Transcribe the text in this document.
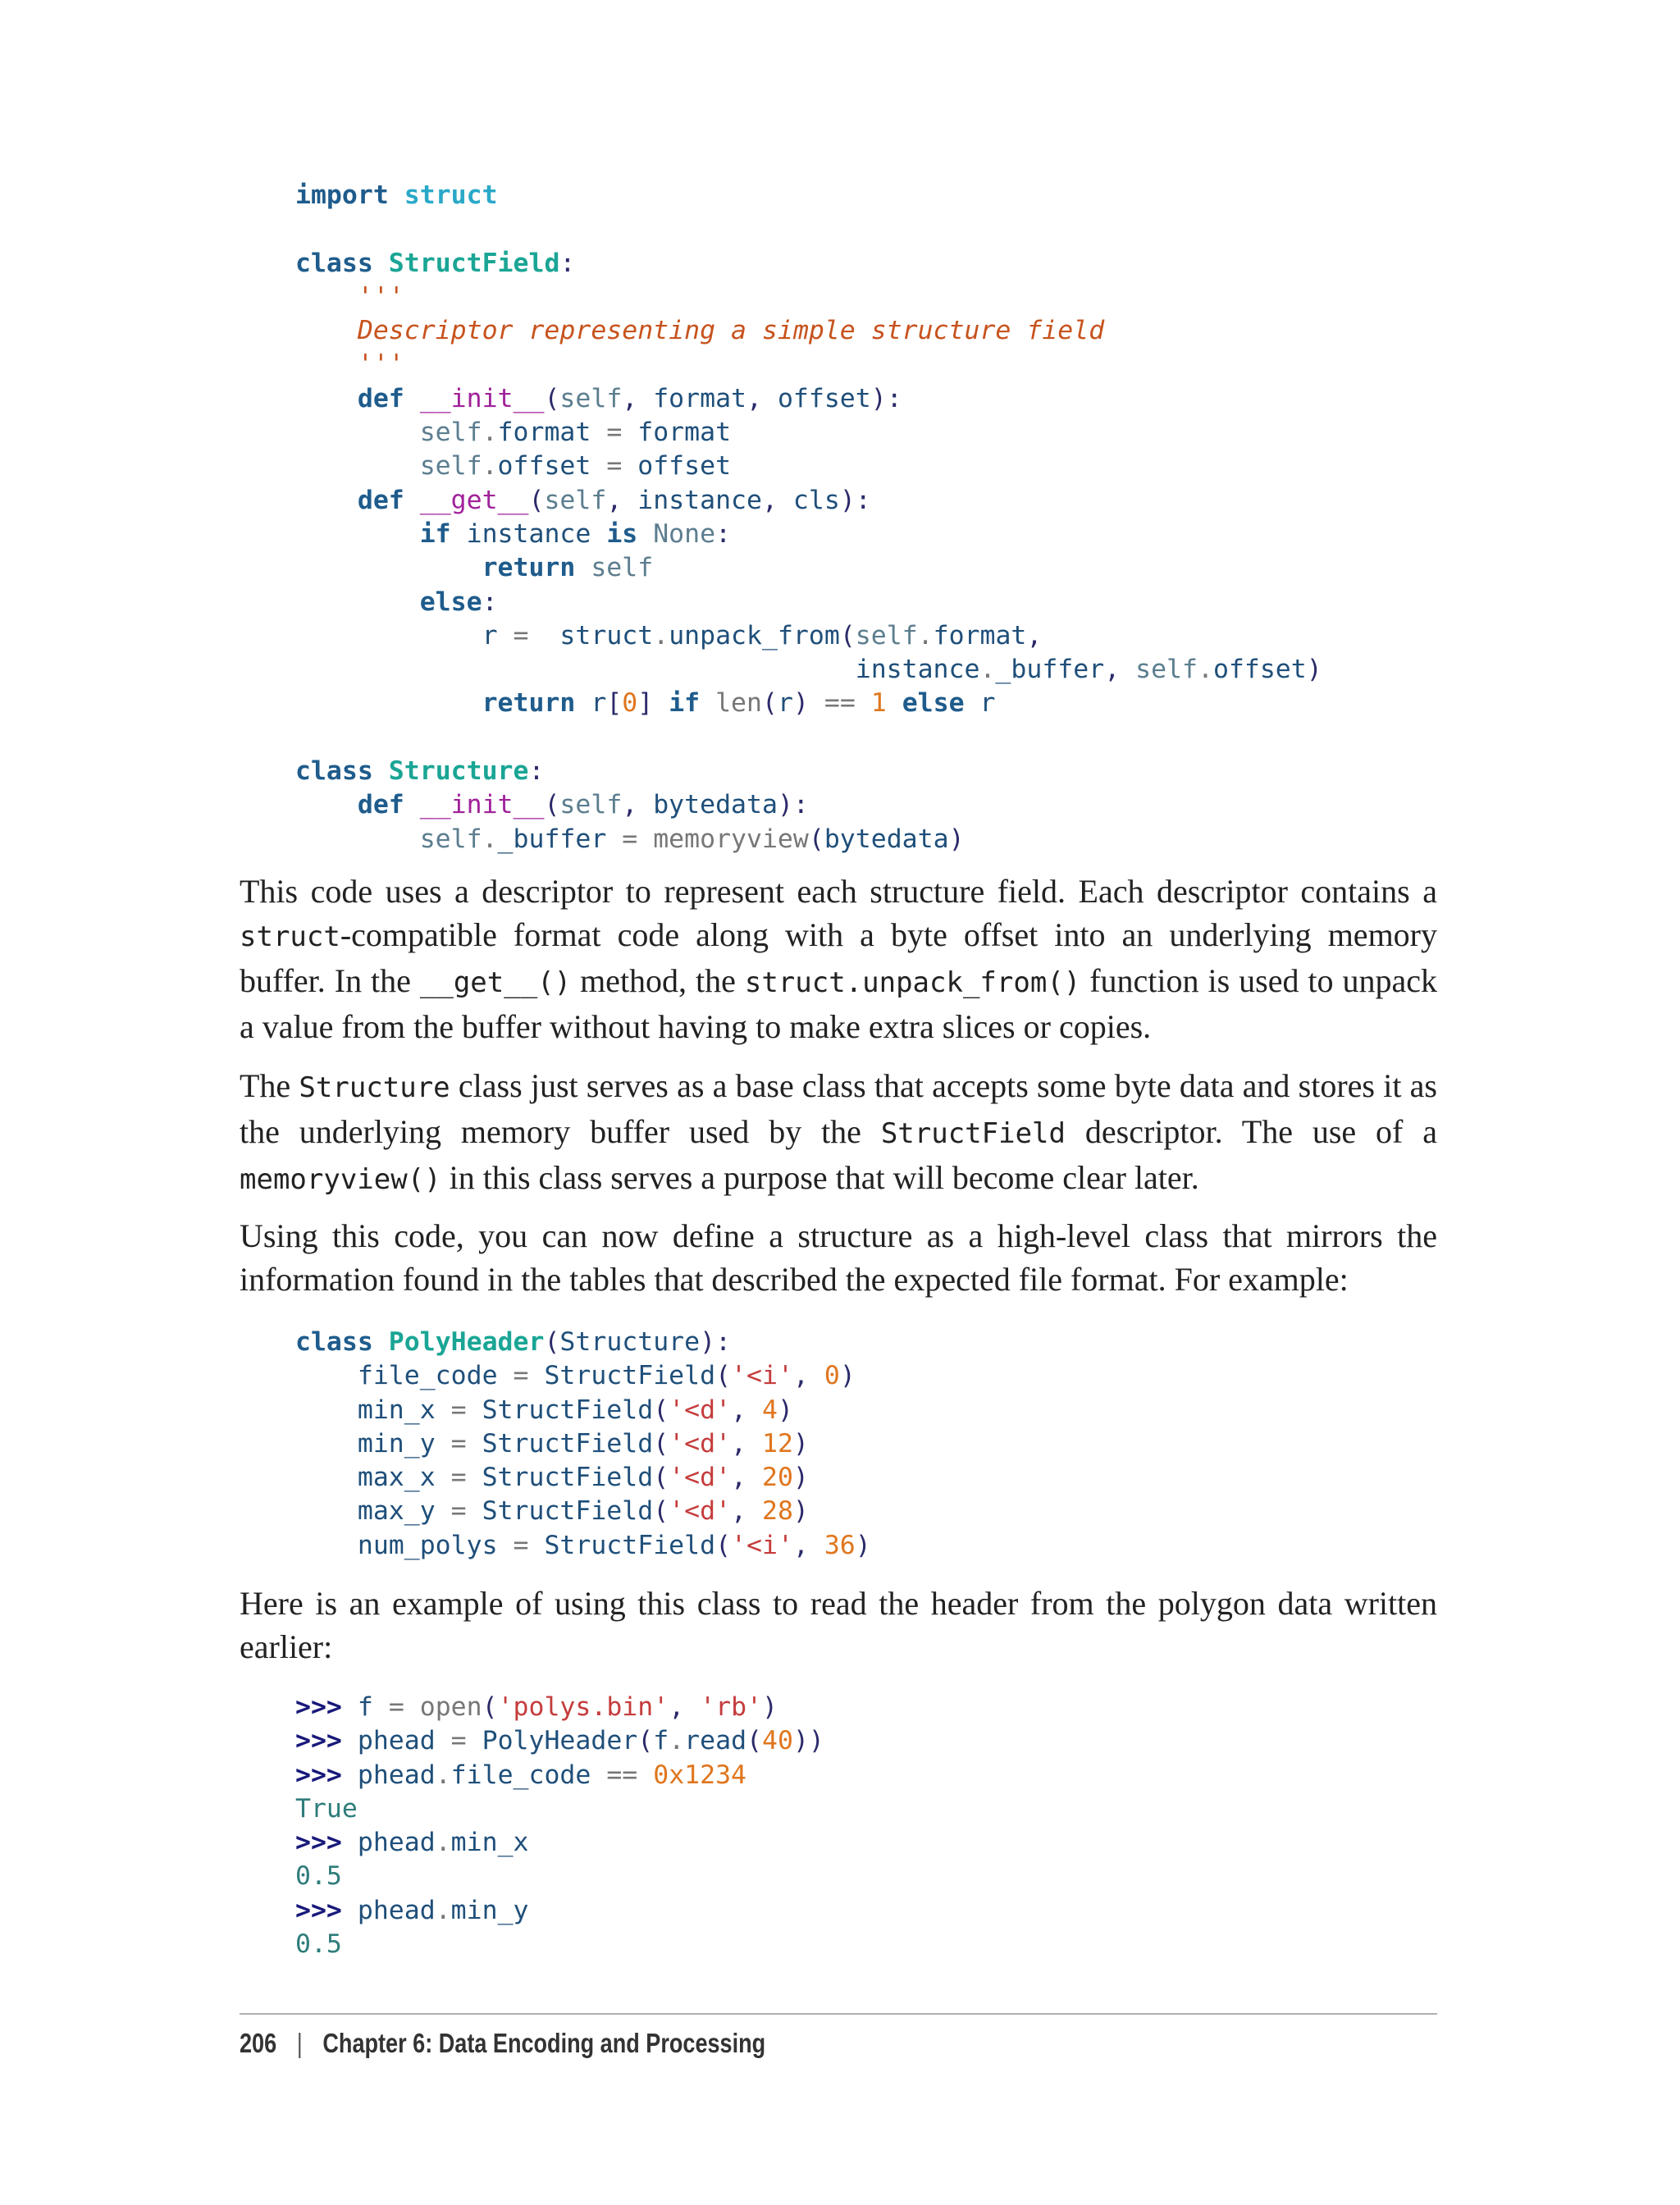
import struct

class StructField:
'''
Descriptor representing a simple structure field
'''
def __init__(self, format, offset):
self.format = format
self.offset = offset
def __get__(self, instance, cls):
if instance is None:
return self
else:
r = struct.unpack_from(self.format,
instance._buffer, self.offset)
return r[0] if len(r) == 1 else r

class Structure:
def __init__(self, bytedata):
self._buffer = memoryview(bytedata)

This code uses a descriptor to represent each structure field. Each descriptor contains a struct-compatible format code along with a byte offset into an underlying memory buffer. In the __get__() method, the struct.unpack_from() function is used to unpack a value from the buffer without having to make extra slices or copies.

The Structure class just serves as a base class that accepts some byte data and stores it as the underlying memory buffer used by the StructField descriptor. The use of a memoryview() in this class serves a purpose that will become clear later.

Using this code, you can now define a structure as a high-level class that mirrors the information found in the tables that described the expected file format. For example:

class PolyHeader(Structure):
file_code = StructField('<i', 0)
min_x = StructField('<d', 4)
min_y = StructField('<d', 12)
max_x = StructField('<d', 20)
max_y = StructField('<d', 28)
num_polys = StructField('<i', 36)

Here is an example of using this class to read the header from the polygon data written earlier:

>>> f = open('polys.bin', 'rb')
>>> phead = PolyHeader(f.read(40))
>>> phead.file_code == 0x1234
True
>>> phead.min_x
0.5
>>> phead.min_y
0.5
206 | Chapter 6: Data Encoding and Processing
